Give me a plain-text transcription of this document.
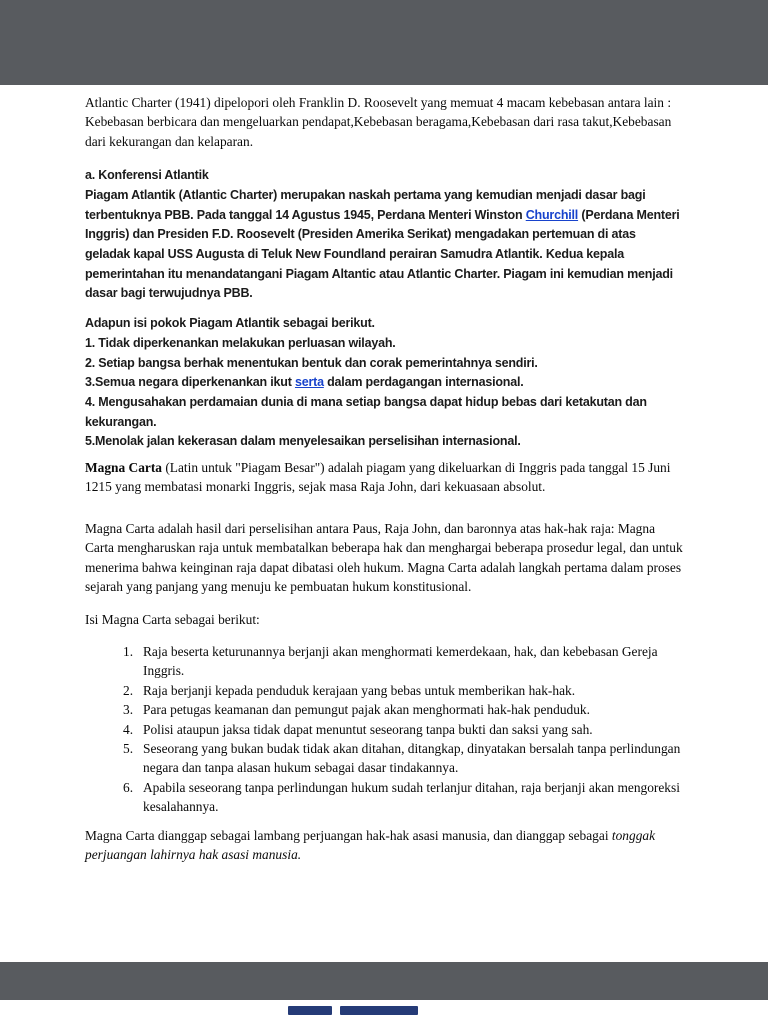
Atlantic Charter (1941) dipelopori oleh Franklin D. Roosevelt yang memuat 4 macam kebebasan antara lain : Kebebasan berbicara dan mengeluarkan pendapat,Kebebasan beragama,Kebebasan dari rasa takut,Kebebasan dari kekurangan dan kelaparan.

a. Konferensi Atlantik

Piagam Atlantik (Atlantic Charter) merupakan naskah pertama yang kemudian menjadi dasar bagi terbentuknya PBB. Pada tanggal 14 Agustus 1945, Perdana Menteri Winston Churchill (Perdana Menteri Inggris) dan Presiden F.D. Roosevelt (Presiden Amerika Serikat) mengadakan pertemuan di atas geladak kapal USS Augusta di Teluk New Foundland perairan Samudra Atlantik. Kedua kepala pemerintahan itu menandatangani Piagam Altantic atau Atlantic Charter. Piagam ini kemudian menjadi dasar bagi terwujudnya PBB.

Adapun isi pokok Piagam Atlantik sebagai berikut.

1. Tidak diperkenankan melakukan perluasan wilayah.

2. Setiap bangsa berhak menentukan bentuk dan corak pemerintahnya sendiri.

3.Semua negara diperkenankan ikut serta dalam perdagangan internasional.

4. Mengusahakan perdamaian dunia di mana setiap bangsa dapat hidup bebas dari ketakutan dan kekurangan.

5.Menolak jalan kekerasan dalam menyelesaikan perselisihan internasional.

Magna Carta (Latin untuk "Piagam Besar") adalah piagam yang dikeluarkan di Inggris pada tanggal 15 Juni 1215 yang membatasi monarki Inggris, sejak masa Raja John, dari kekuasaan absolut.

Magna Carta adalah hasil dari perselisihan antara Paus, Raja John, dan baronnya atas hak-hak raja: Magna Carta mengharuskan raja untuk membatalkan beberapa hak dan menghargai beberapa prosedur legal, dan untuk menerima bahwa keinginan raja dapat dibatasi oleh hukum. Magna Carta adalah langkah pertama dalam proses sejarah yang panjang yang menuju ke pembuatan hukum konstitusional.

Isi Magna Carta sebagai berikut:

1. Raja beserta keturunannya berjanji akan menghormati kemerdekaan, hak, dan kebebasan Gereja Inggris.
2. Raja berjanji kepada penduduk kerajaan yang bebas untuk memberikan hak-hak.
3. Para petugas keamanan dan pemungut pajak akan menghormati hak-hak penduduk.
4. Polisi ataupun jaksa tidak dapat menuntut seseorang tanpa bukti dan saksi yang sah.
5. Seseorang yang bukan budak tidak akan ditahan, ditangkap, dinyatakan bersalah tanpa perlindungan negara dan tanpa alasan hukum sebagai dasar tindakannya.
6. Apabila seseorang tanpa perlindungan hukum sudah terlanjur ditahan, raja berjanji akan mengoreksi kesalahannya.

Magna Carta dianggap sebagai lambang perjuangan hak-hak asasi manusia, dan dianggap sebagai tonggak perjuangan lahirnya hak asasi manusia.
